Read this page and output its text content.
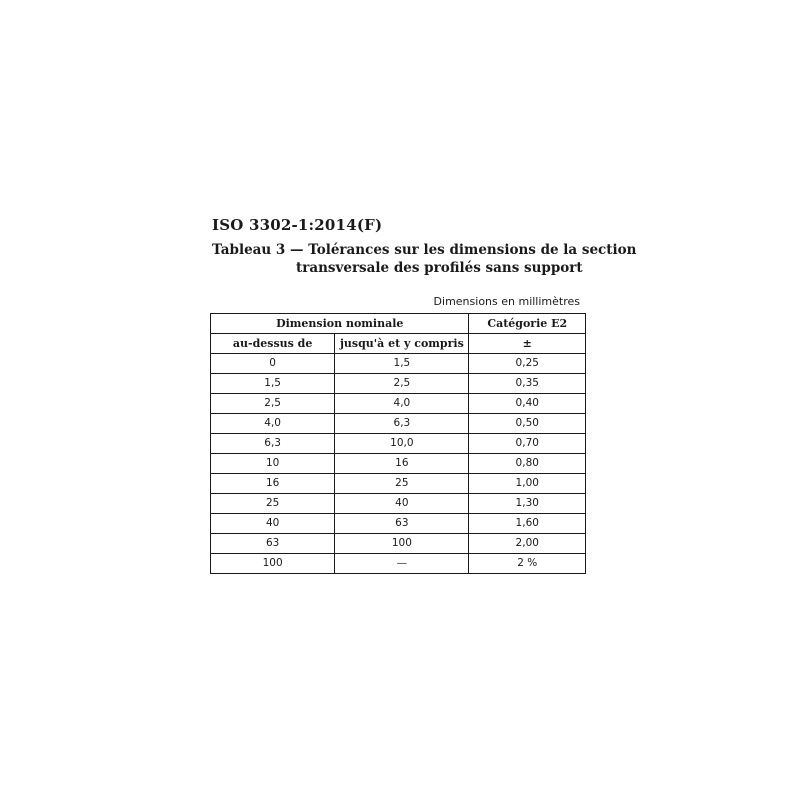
ISO 3302-1:2014(F)
Tableau 3 — Tolérances sur les dimensions de la section
transversale des profilés sans support
Dimensions en millimètres
Dimension nominale		Catégorie E2
au-dessus de	jusqu'à et y compris	±
0	1,5	0,25
1,5	2,5	0,35
2,5	4,0	0,40
4,0	6,3	0,50
6,3	10,0	0,70
10	16	0,80
16	25	1,00
25	40	1,30
40	63	1,60
63	100	2,00
100	—	2 %
